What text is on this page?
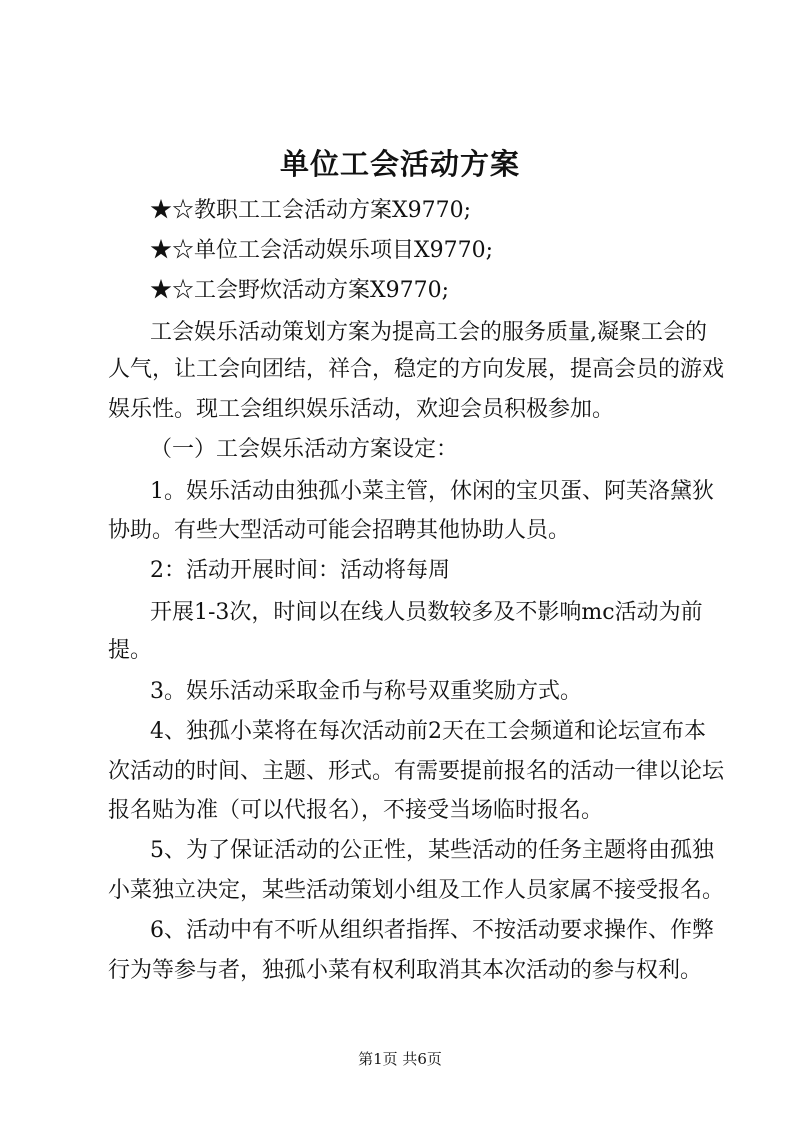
单位工会活动方案
★☆教职工工会活动方案X9770;
★☆单位工会活动娱乐项目X9770;
★☆工会野炊活动方案X9770;
工会娱乐活动策划方案为提高工会的服务质量,凝聚工会的
人气，让工会向团结，祥合，稳定的方向发展，提高会员的游戏
娱乐性。现工会组织娱乐活动，欢迎会员积极参加。
（一）工会娱乐活动方案设定：
1。娱乐活动由独孤小菜主管，休闲的宝贝蛋、阿芙洛黛狄
协助。有些大型活动可能会招聘其他协助人员。
2：活动开展时间：活动将每周
开展1-3次，时间以在线人员数较多及不影响mc活动为前
提。
3。娱乐活动采取金币与称号双重奖励方式。
4、独孤小菜将在每次活动前2天在工会频道和论坛宣布本
次活动的时间、主题、形式。有需要提前报名的活动一律以论坛
报名贴为准（可以代报名），不接受当场临时报名。
5、为了保证活动的公正性，某些活动的任务主题将由孤独
小菜独立决定，某些活动策划小组及工作人员家属不接受报名。
6、活动中有不听从组织者指挥、不按活动要求操作、作弊
行为等参与者，独孤小菜有权利取消其本次活动的参与权利。
第1页 共6页
